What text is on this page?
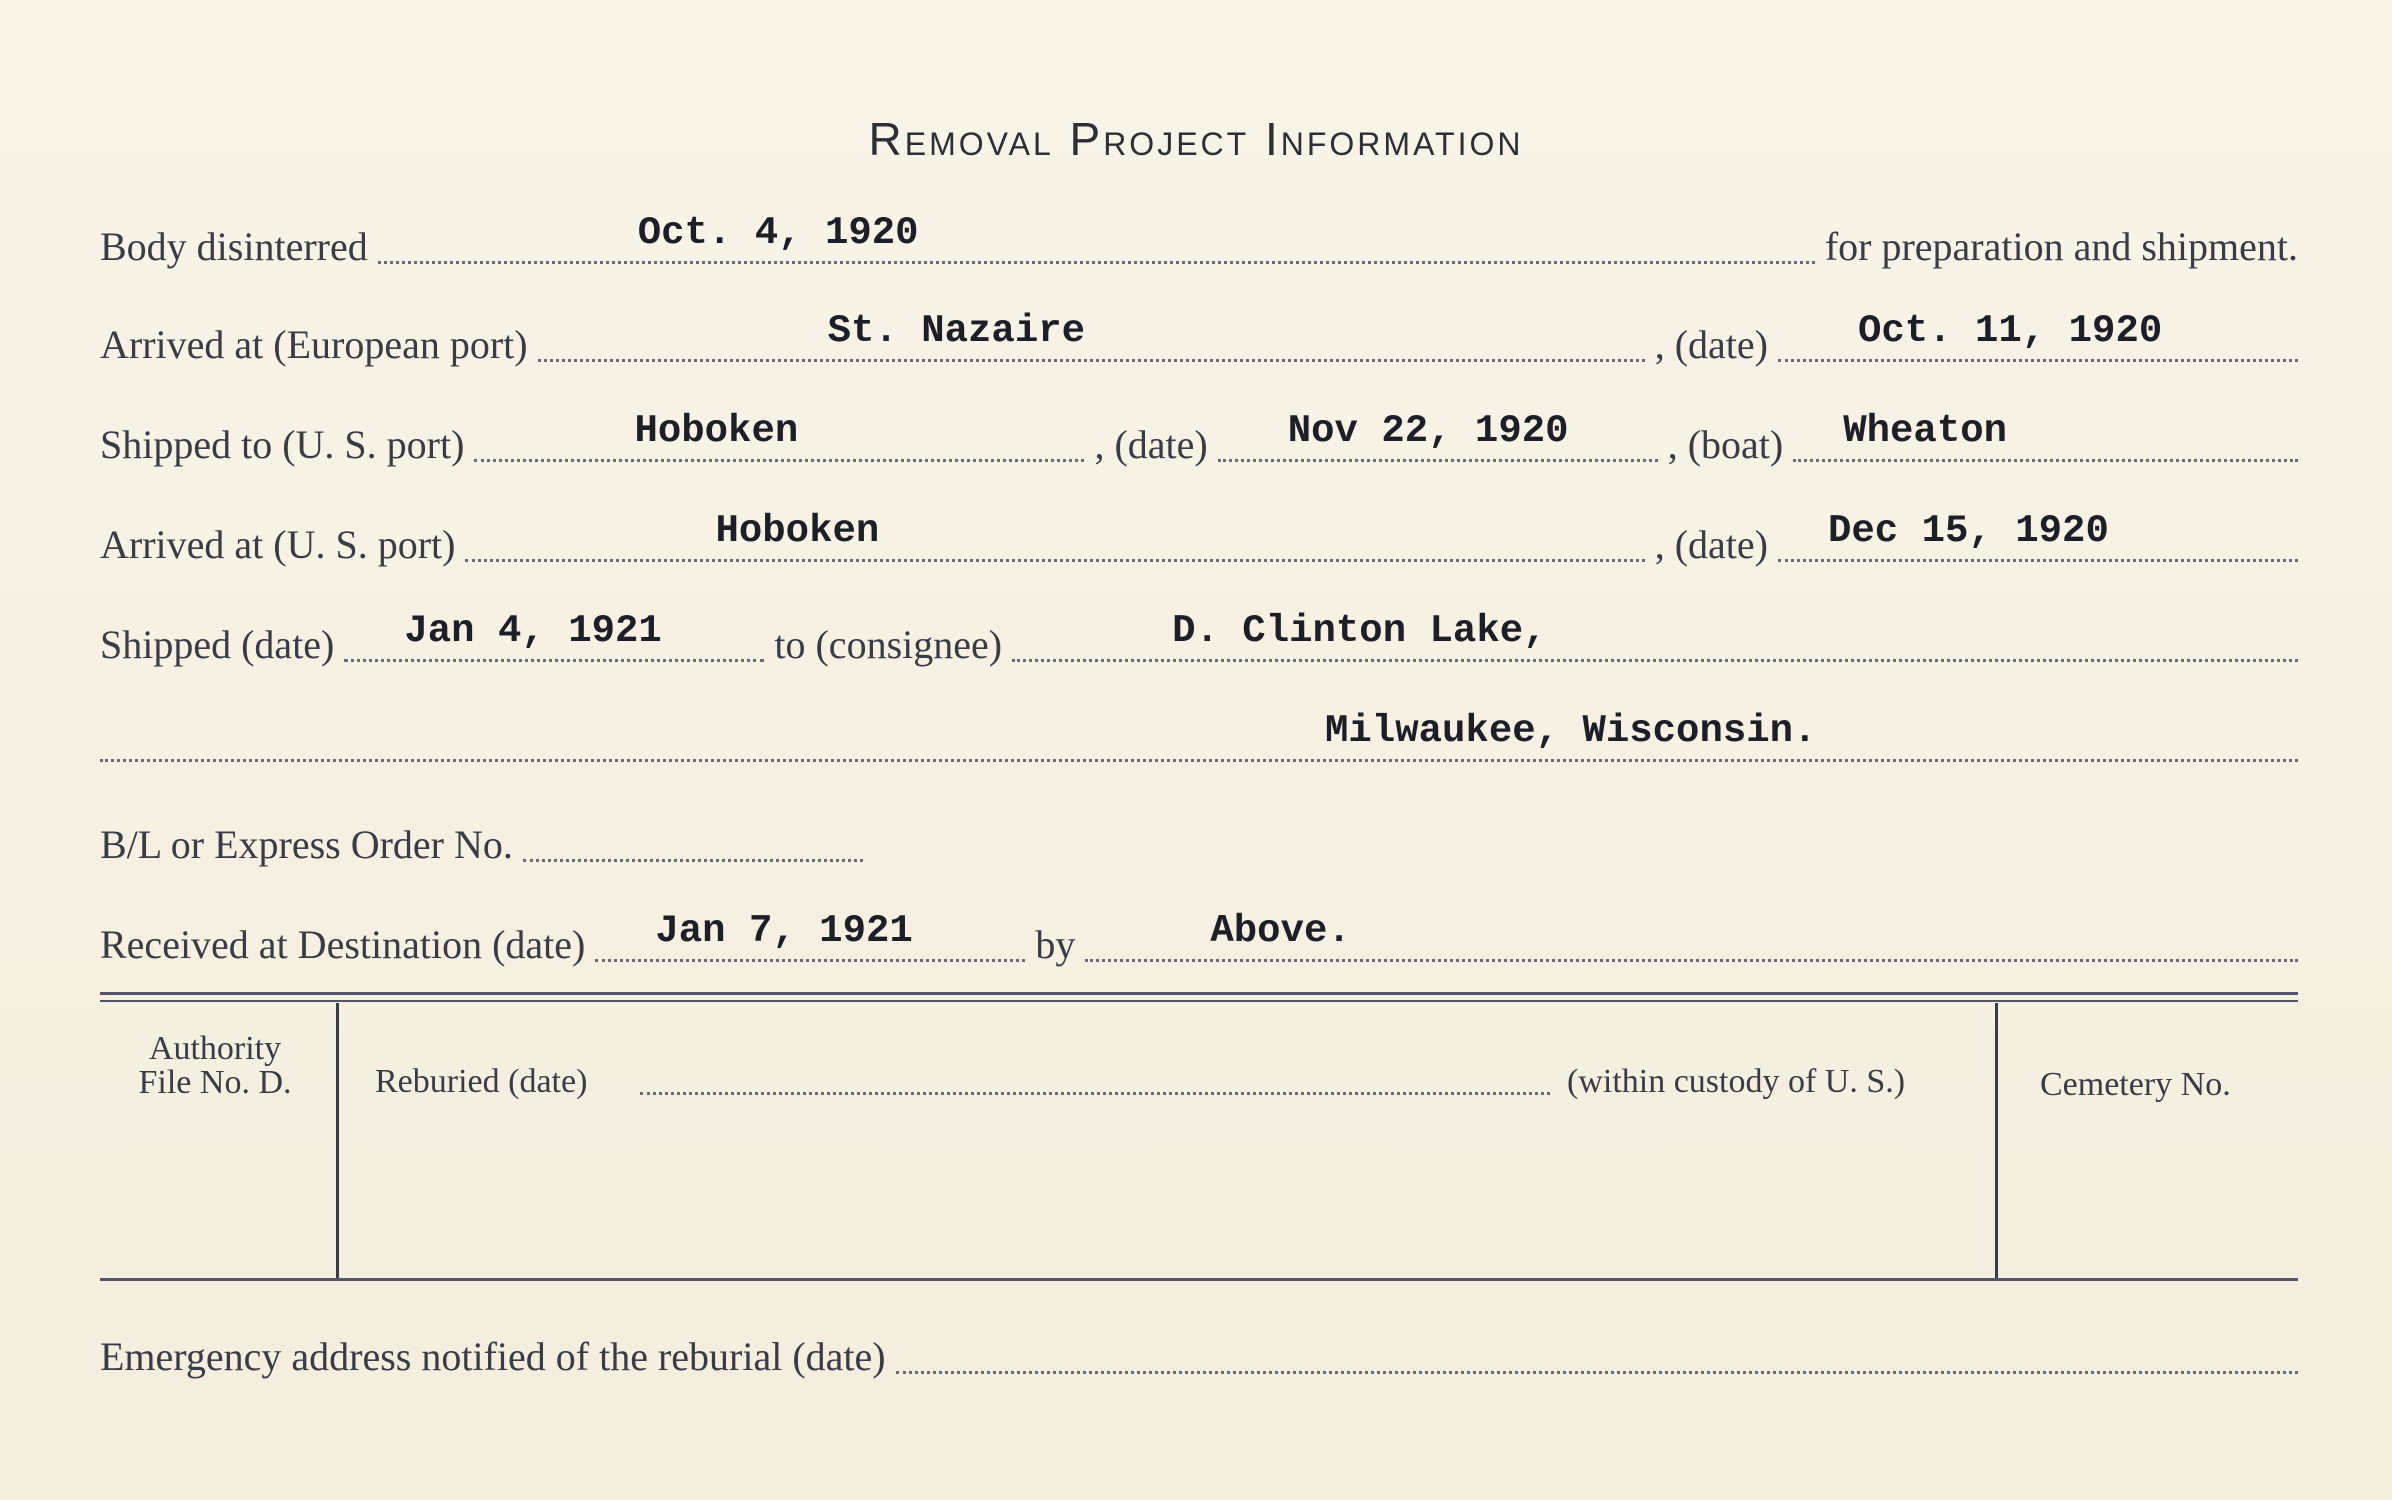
Removal Project Information
Body disinterred	Oct. 4, 1920	for preparation and shipment.
Arrived at (European port)	St. Nazaire	, (date) Oct. 11, 1920
Shipped to (U. S. port)	Hoboken	, (date) Nov 22, 1920 , (boat) Wheaton
Arrived at (U. S. port)	Hoboken	, (date) Dec 15, 1920
Shipped (date) Jan 4, 1921	to (consignee)	D. Clinton Lake,
Milwaukee, Wisconsin.
B/L or Express Order No.
Received at Destination (date) Jan 7, 1921	by	Above.
Authority
File No. D.	Reburied (date)	(within custody of U. S.)	Cemetery No.
Emergency address notified of the reburial (date)
